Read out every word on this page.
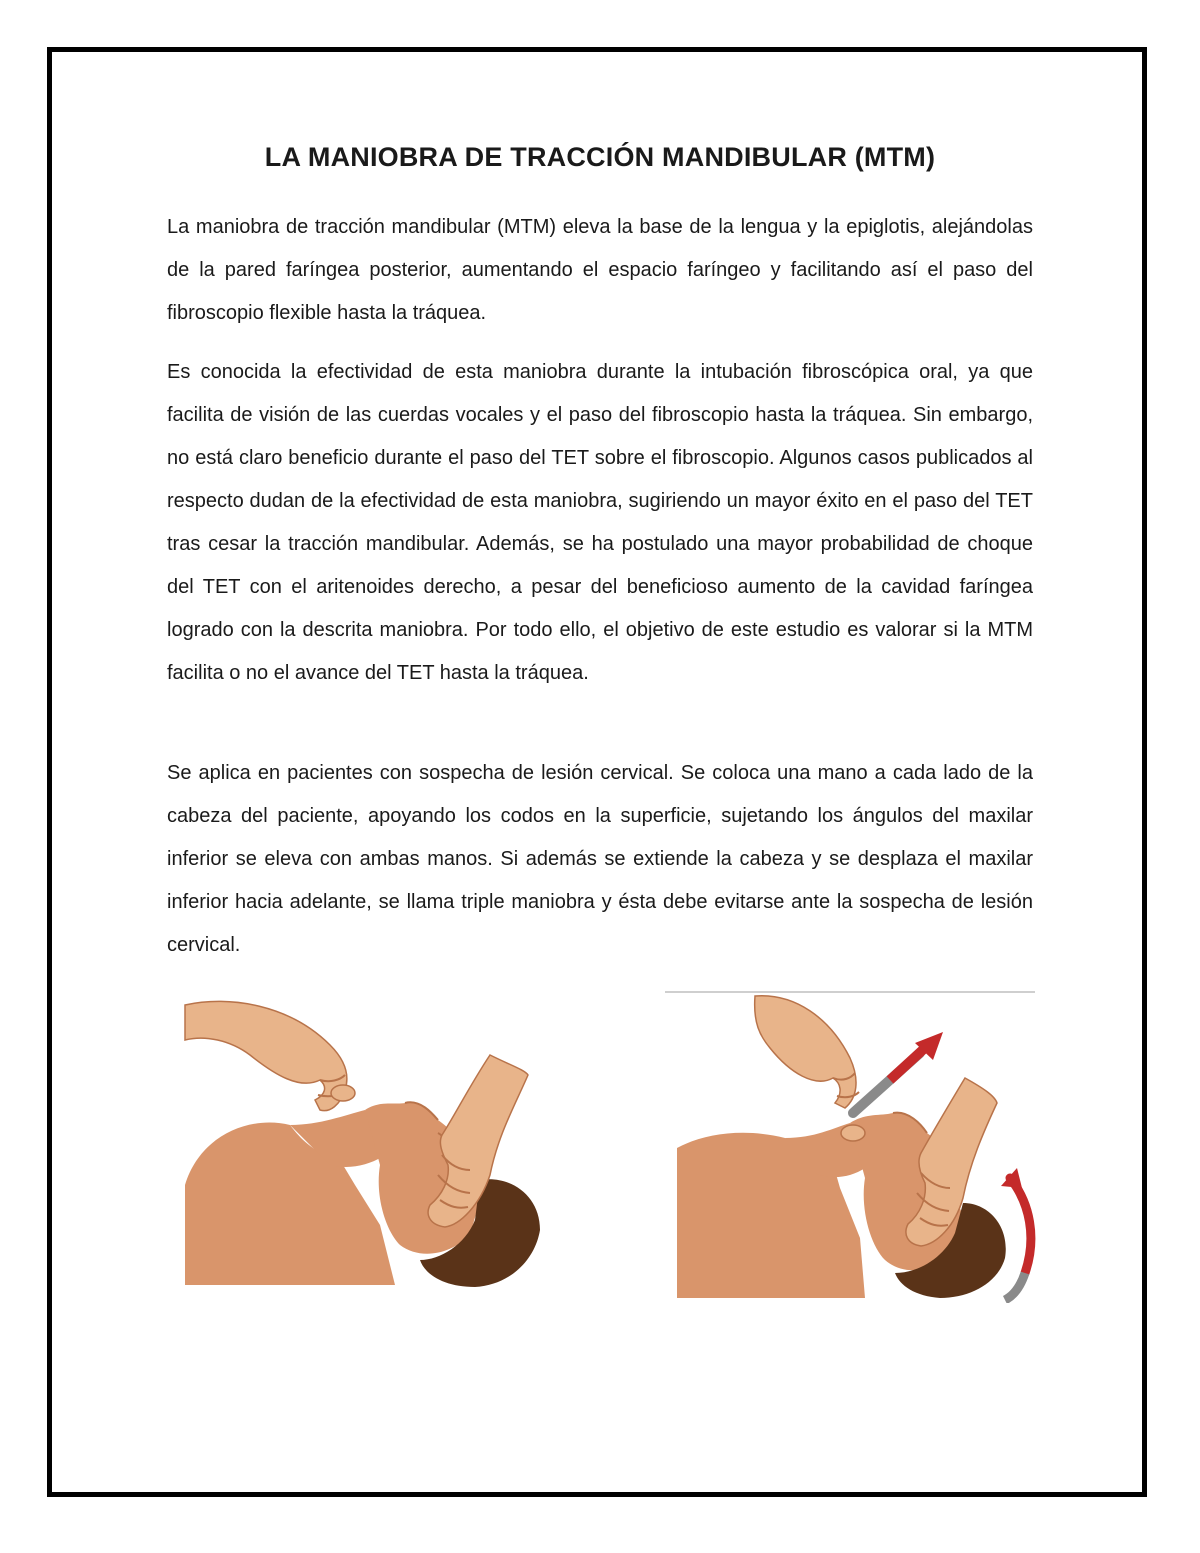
LA MANIOBRA DE TRACCIÓN MANDIBULAR (MTM)

La maniobra de tracción mandibular (MTM) eleva la base de la lengua y la epiglotis, alejándolas de la pared faríngea posterior, aumentando el espacio faríngeo y facilitando así el paso del fibroscopio flexible hasta la tráquea.

Es conocida la efectividad de esta maniobra durante la intubación fibroscópica oral, ya que facilita de visión de las cuerdas vocales y el paso del fibroscopio hasta la tráquea. Sin embargo, no está claro beneficio durante el paso del TET sobre el fibroscopio. Algunos casos publicados al respecto dudan de la efectividad de esta maniobra, sugiriendo un mayor éxito en el paso del TET tras cesar la tracción mandibular. Además, se ha postulado una mayor probabilidad de choque del TET con el aritenoides derecho, a pesar del beneficioso aumento de la cavidad faríngea logrado con la descrita maniobra. Por todo ello, el objetivo de este estudio es valorar si la MTM facilita o no el avance del TET hasta la tráquea.

Se aplica en pacientes con sospecha de lesión cervical. Se coloca una mano a cada lado de la cabeza del paciente, apoyando los codos en la superficie, sujetando los ángulos del maxilar inferior se eleva con ambas manos. Si además se extiende la cabeza y se desplaza el maxilar inferior hacia adelante, se llama triple maniobra y ésta debe evitarse ante la sospecha de lesión cervical.
